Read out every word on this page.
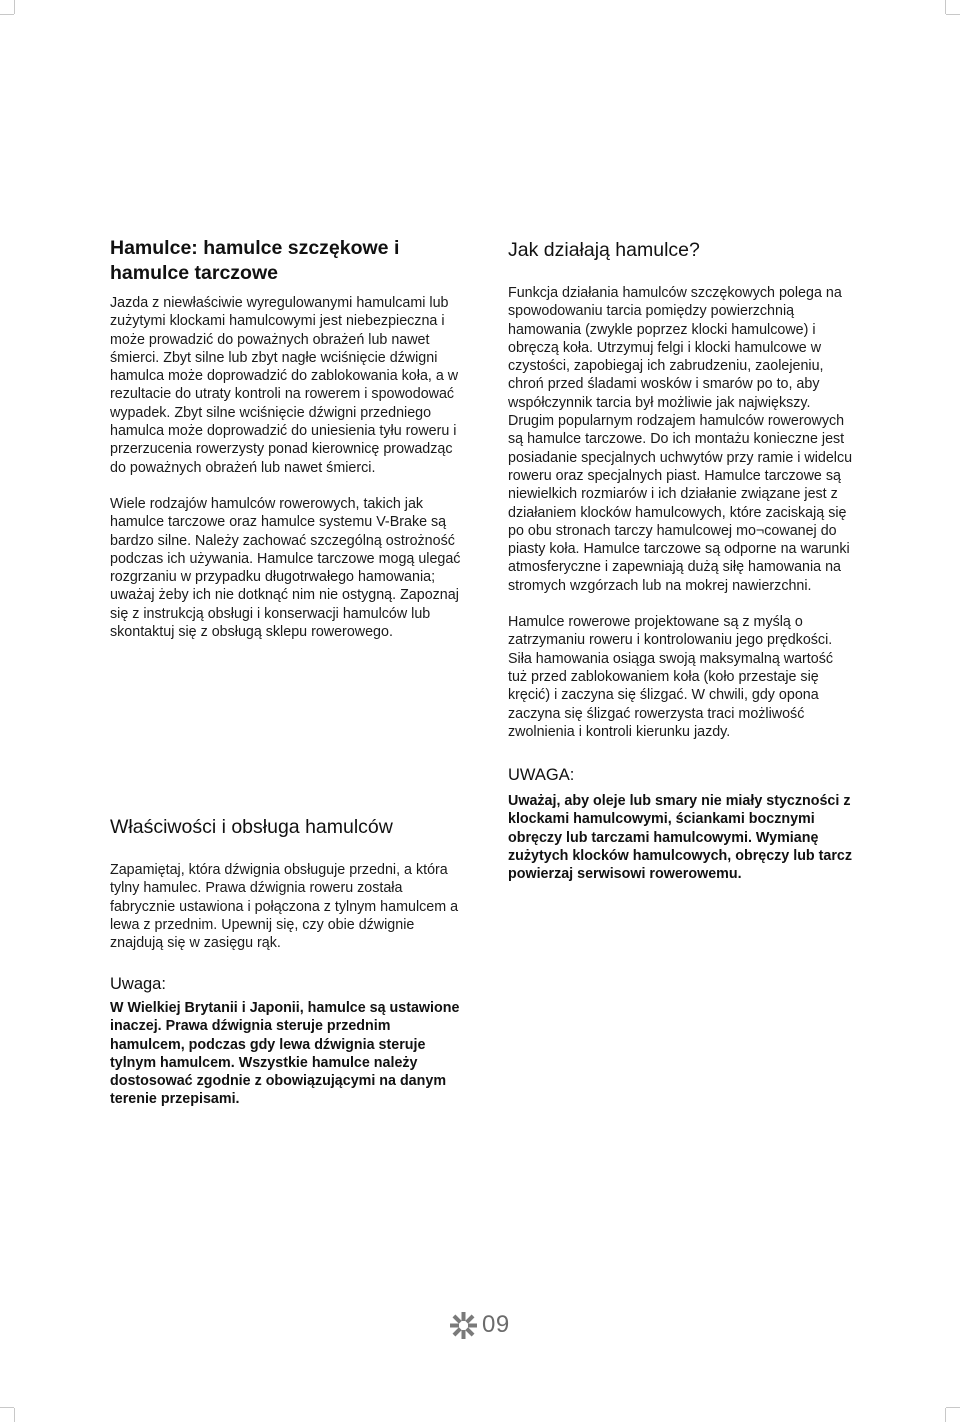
Hamulce: hamulce szczękowe i hamulce tarczowe

Jazda z niewłaściwie wyregulowanymi hamulcami lub zużytymi klockami hamulcowymi jest niebezpieczna i może prowadzić do poważnych obrażeń lub nawet śmierci. Zbyt silne lub zbyt nagłe wciśnięcie dźwigni hamulca może doprowadzić do zablokowania koła, a w rezultacie do utraty kontroli na rowerem i spowodować wypadek. Zbyt silne wciśnięcie dźwigni przedniego hamulca może doprowadzić do uniesienia tyłu roweru i przerzucenia rowerzysty ponad kierownicę prowadząc do poważnych obrażeń lub nawet śmierci.

Wiele rodzajów hamulców rowerowych, takich jak hamulce tarczowe oraz hamulce systemu V-Brake są bardzo silne. Należy zachować szczególną ostrożność podczas ich używania. Hamulce tarczowe mogą ulegać rozgrzaniu w przypadku długotrwałego hamowania; uważaj żeby ich nie dotknąć nim nie ostygną. Zapoznaj się z instrukcją obsługi i konserwacji hamulców lub skontaktuj się z obsługą sklepu rowerowego.

Właściwości i obsługa hamulców

Zapamiętaj, która dźwignia obsługuje przedni, a która tylny hamulec. Prawa dźwignia roweru została fabrycznie ustawiona i połączona z tylnym hamulcem a lewa z przednim. Upewnij się, czy obie dźwignie znajdują się w zasięgu rąk.

Uwaga:

W Wielkiej Brytanii i Japonii, hamulce są ustawione inaczej. Prawa dźwignia steruje przednim hamulcem, podczas gdy lewa dźwignia steruje tylnym hamulcem. Wszystkie hamulce należy dostosować zgodnie z obowiązującymi na danym terenie przepisami.

Jak działają hamulce?

Funkcja działania hamulców szczękowych polega na spowodowaniu tarcia pomiędzy powierzchnią hamowania (zwykle poprzez klocki hamulcowe) i obręczą koła. Utrzymuj felgi i klocki hamulcowe w czystości, zapobiegaj ich zabrudzeniu, zaolejeniu, chroń przed śladami wosków i smarów po to, aby współczynnik tarcia był możliwie jak największy. Drugim popularnym rodzajem hamulców rowerowych są hamulce tarczowe. Do ich montażu konieczne jest posiadanie specjalnych uchwytów przy ramie i widelcu roweru oraz specjalnych piast. Hamulce tarczowe są niewielkich rozmiarów i ich działanie związane jest z działaniem klocków hamulcowych, które zaciskają się po obu stronach tarczy hamulcowej mo¬cowanej do piasty koła. Hamulce tarczowe są odporne na warunki atmosferyczne i zapewniają dużą siłę hamowania na stromych wzgórzach lub na mokrej nawierzchni.

Hamulce rowerowe projektowane są z myślą o zatrzymaniu roweru i kontrolowaniu jego prędkości. Siła hamowania osiąga swoją maksymalną wartość tuż przed zablokowaniem koła (koło przestaje się kręcić) i zaczyna się ślizgać. W chwili, gdy opona zaczyna się ślizgać rowerzysta traci możliwość zwolnienia i kontroli kierunku jazdy.

UWAGA:

Uważaj, aby oleje lub smary nie miały styczności z klockami hamulcowymi, ściankami bocznymi obręczy lub tarczami hamulcowymi. Wymianę zużytych klocków hamulcowych, obręczy lub tarcz powierzaj serwisowi rowerowemu.

09
